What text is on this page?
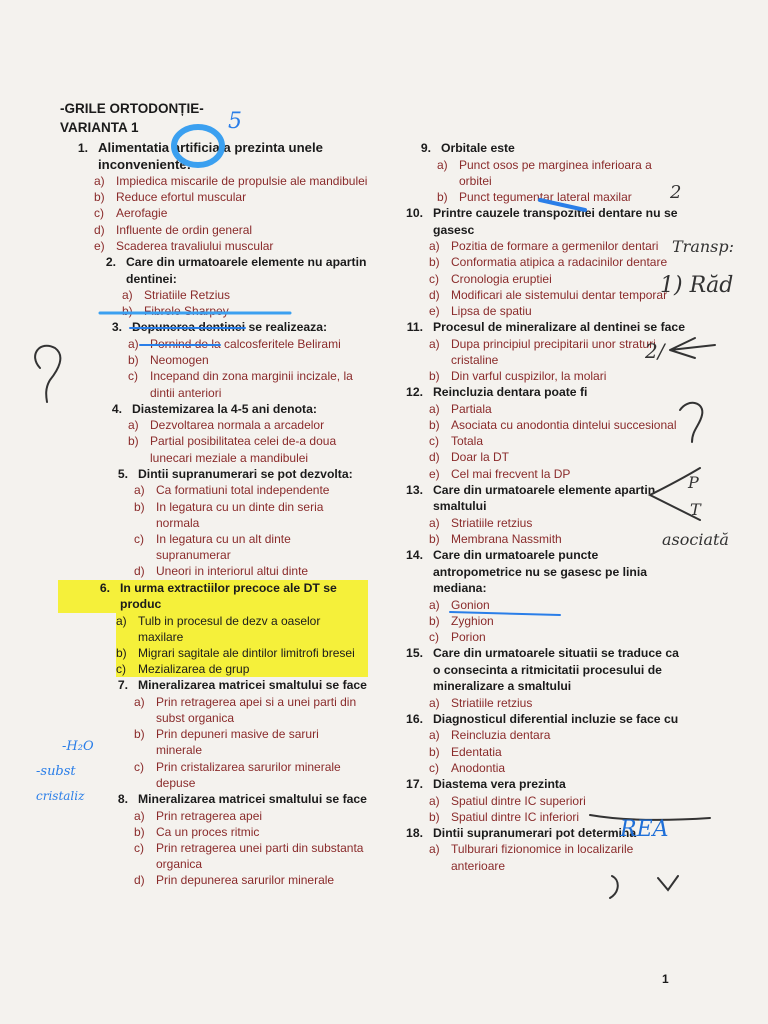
-GRILE ORTODONȚIE-
VARIANTA 1
1. Alimentatia artificiala prezinta unele inconveniente:
a) Impiedica miscarile de propulsie ale mandibulei
b) Reduce efortul muscular
c)	Aerofagie
d) Influente de ordin general
e) Scaderea travaliului muscular
2. Care din urmatoarele elemente nu apartin dentinei:
a) Striatiile Retzius
b) Fibrele Sharpey
3. Depunerea dentinei se realizeaza:
a) Pornind de la calcosferitele Belirami
b) Neomogen
c)	Incepand din zona marginii incizale, la dintii anteriori
4. Diastemizarea la 4-5 ani denota:
a) Dezvoltarea normala a arcadelor
b) Partial posibilitatea celei de-a doua lunecari meziale a mandibulei
5. Dintii supranumerari se pot dezvolta:
a) Ca formatiuni total independente
b) In legatura cu un dinte din seria normala
c)	In legatura cu un alt dinte supranumerar
d) Uneori in interiorul altui dinte
6. In urma extractiilor precoce ale DT se produc
a) Tulb in procesul de dezv a oaselor maxilare
b) Migrari sagitale ale dintilor limitrofi bresei
c)	Mezializarea de grup
7. Mineralizarea matricei smaltului se face
a) Prin retragerea apei si a unei parti din subst organica
b) Prin depuneri masive de saruri minerale
c)	Prin cristalizarea sarurilor minerale depuse
8. Mineralizarea matricei smaltului se face
a) Prin retragerea apei
b) Ca un proces ritmic
c)	Prin retragerea unei parti din substanta organica
d) Prin depunerea sarurilor minerale
9. Orbitale este
a) Punct osos pe marginea inferioara a orbitei
b) Punct tegumentar lateral maxilar
10. Printre cauzele transpozitiei dentare nu se gasesc
a) Pozitia de formare a germenilor dentari
b) Conformatia atipica a radacinilor dentare
c)	Cronologia eruptiei
d) Modificari ale sistemului dentar temporar
e) Lipsa de spatiu
11. Procesul de mineralizare al dentinei se face
a) Dupa principiul precipitarii unor straturi cristaline
b) Din varful cuspizilor, la molari
12. Reincluzia dentara poate fi
a) Partiala
b) Asociata cu anodontia dintelui succesional
c)	Totala
d) Doar la DT
e) Cel mai frecvent la DP
13. Care din urmatoarele elemente apartin smaltului
a) Striatiile retzius
b) Membrana Nassmith
14. Care din urmatoarele puncte antropometrice nu se gasesc pe linia mediana:
a) Gonion
b) Zyghion
c)	Porion
15. Care din urmatoarele situatii se traduce ca o consecinta a ritmicitatii procesului de mineralizare a smaltului
a) Striatiile retzius
16. Diagnosticul diferential incluzie se face cu
a) Reincluzia dentara
b) Edentatia
c)	Anodontia
17. Diastema vera prezinta
a) Spatiul dintre IC superiori
b) Spatiul dintre IC inferiori
18. Dintii supranumerari pot determina
a) Tulburari fizionomice in localizarile anterioare
1
5
2
Transp:
1) Răd
2/
P
T
asociată
-H₂O
-subst
cristaliz
REA
